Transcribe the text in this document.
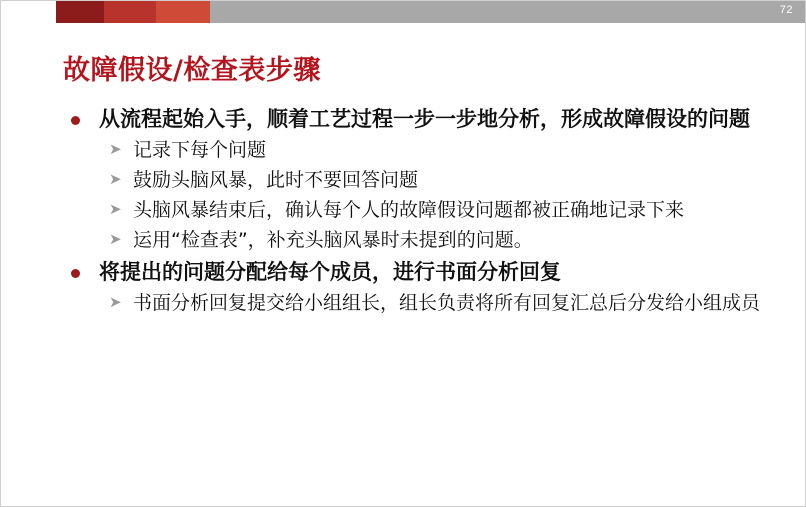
72
故障假设/检查表步骤
从流程起始入手，顺着工艺过程一步一步地分析，形成故障假设的问题
➤ 记录下每个问题
➤ 鼓励头脑风暴，此时不要回答问题
➤ 头脑风暴结束后，确认每个人的故障假设问题都被正确地记录下来
➤ 运用“检查表”，补充头脑风暴时未提到的问题。
将提出的问题分配给每个成员，进行书面分析回复
➤ 书面分析回复提交给小组组长，组长负责将所有回复汇总后分发给小组成员
